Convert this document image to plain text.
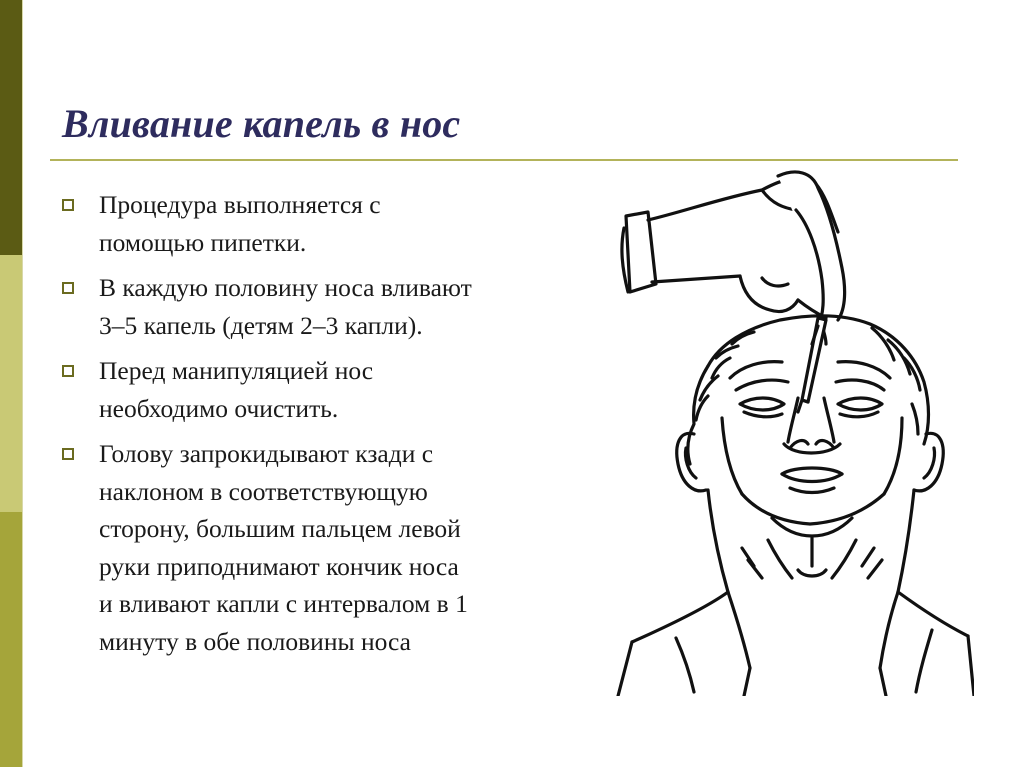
Вливание капель в нос
Процедура выполняется с
помощью пипетки.
В каждую половину носа вливают
3–5 капель (детям 2–3 капли).
Перед манипуляцией нос
необходимо очистить.
Голову запрокидывают кзади с
наклоном в соответствующую
сторону, большим пальцем левой
руки приподнимают кончик носа
и вливают капли с интервалом в 1
минуту в обе половины носа
